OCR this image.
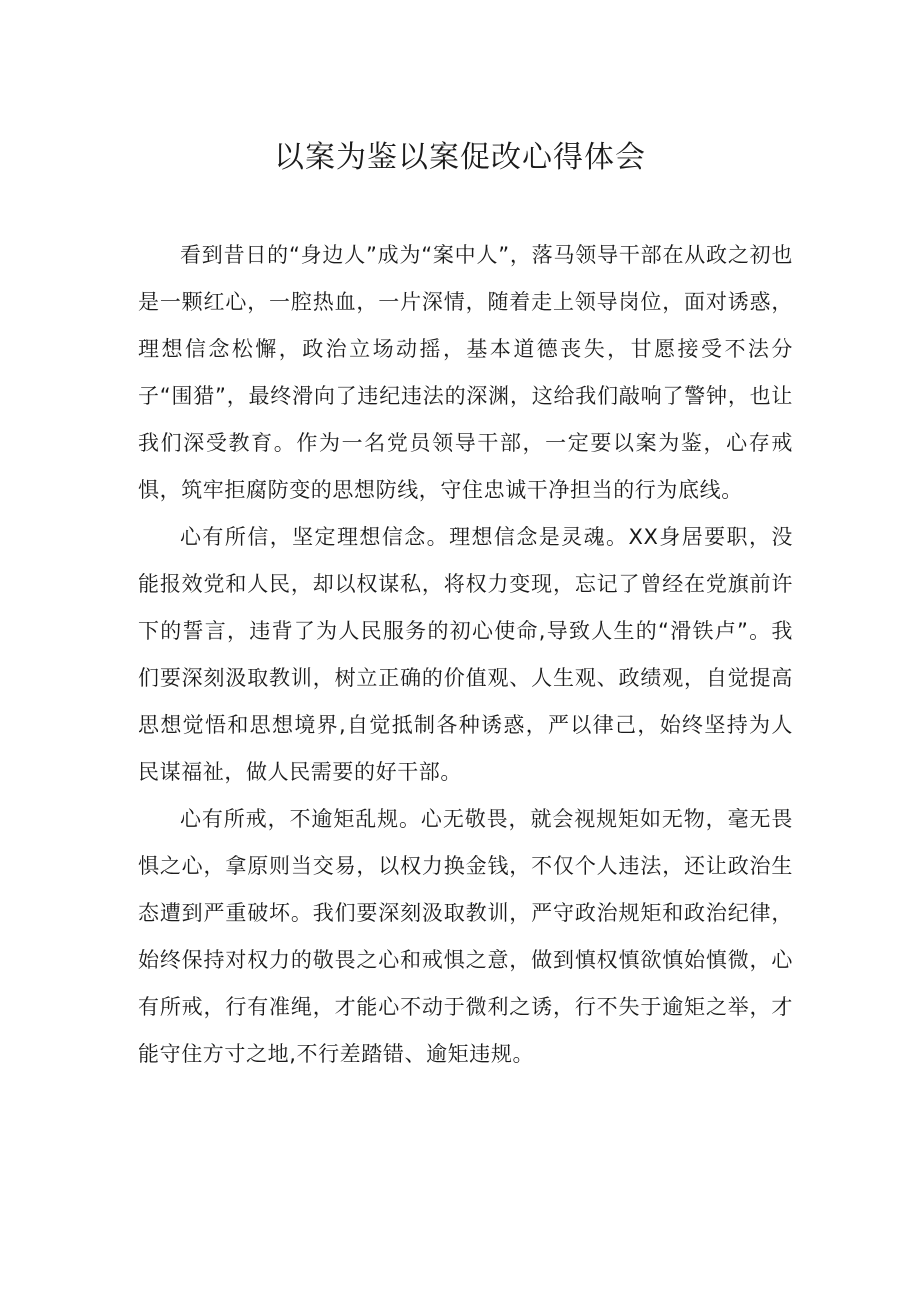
以案为鉴以案促改心得体会

看到昔日的“身边人”成为“案中人”，落马领导干部在从政之初也是一颗红心，一腔热血，一片深情，随着走上领导岗位，面对诱惑，理想信念松懈，政治立场动摇，基本道德丧失，甘愿接受不法分子“围猎”，最终滑向了违纪违法的深渊，这给我们敲响了警钟，也让我们深受教育。作为一名党员领导干部，一定要以案为鉴，心存戒惧，筑牢拒腐防变的思想防线，守住忠诚干净担当的行为底线。

心有所信，坚定理想信念。理想信念是灵魂。XX身居要职，没能报效党和人民，却以权谋私，将权力变现，忘记了曾经在党旗前许下的誓言，违背了为人民服务的初心使命,导致人生的“滑铁卢”。我们要深刻汲取教训，树立正确的价值观、人生观、政绩观，自觉提高思想觉悟和思想境界,自觉抵制各种诱惑，严以律己，始终坚持为人民谋福祉，做人民需要的好干部。

心有所戒，不逾矩乱规。心无敬畏，就会视规矩如无物，毫无畏惧之心，拿原则当交易，以权力换金钱，不仅个人违法，还让政治生态遭到严重破坏。我们要深刻汲取教训，严守政治规矩和政治纪律，始终保持对权力的敬畏之心和戒惧之意，做到慎权慎欲慎始慎微，心有所戒，行有准绳，才能心不动于微利之诱，行不失于逾矩之举，才能守住方寸之地,不行差踏错、逾矩违规。
